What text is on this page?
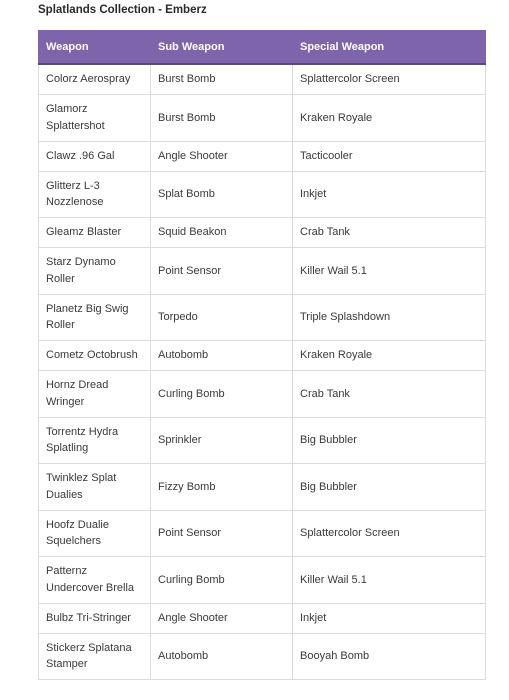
Splatlands Collection - Emberz
Weapon	Sub Weapon	Special Weapon
Colorz Aerospray	Burst Bomb	Splattercolor Screen
Glamorz Splattershot	Burst Bomb	Kraken Royale
Clawz .96 Gal	Angle Shooter	Tacticooler
Glitterz L-3 Nozzlenose	Splat Bomb	Inkjet
Gleamz Blaster	Squid Beakon	Crab Tank
Starz Dynamo Roller	Point Sensor	Killer Wail 5.1
Planetz Big Swig Roller	Torpedo	Triple Splashdown
Cometz Octobrush	Autobomb	Kraken Royale
Hornz Dread Wringer	Curling Bomb	Crab Tank
Torrentz Hydra Splatling	Sprinkler	Big Bubbler
Twinklez Splat Dualies	Fizzy Bomb	Big Bubbler
Hoofz Dualie Squelchers	Point Sensor	Splattercolor Screen
Patternz Undercover Brella	Curling Bomb	Killer Wail 5.1
Bulbz Tri-Stringer	Angle Shooter	Inkjet
Stickerz Splatana Stamper	Autobomb	Booyah Bomb
